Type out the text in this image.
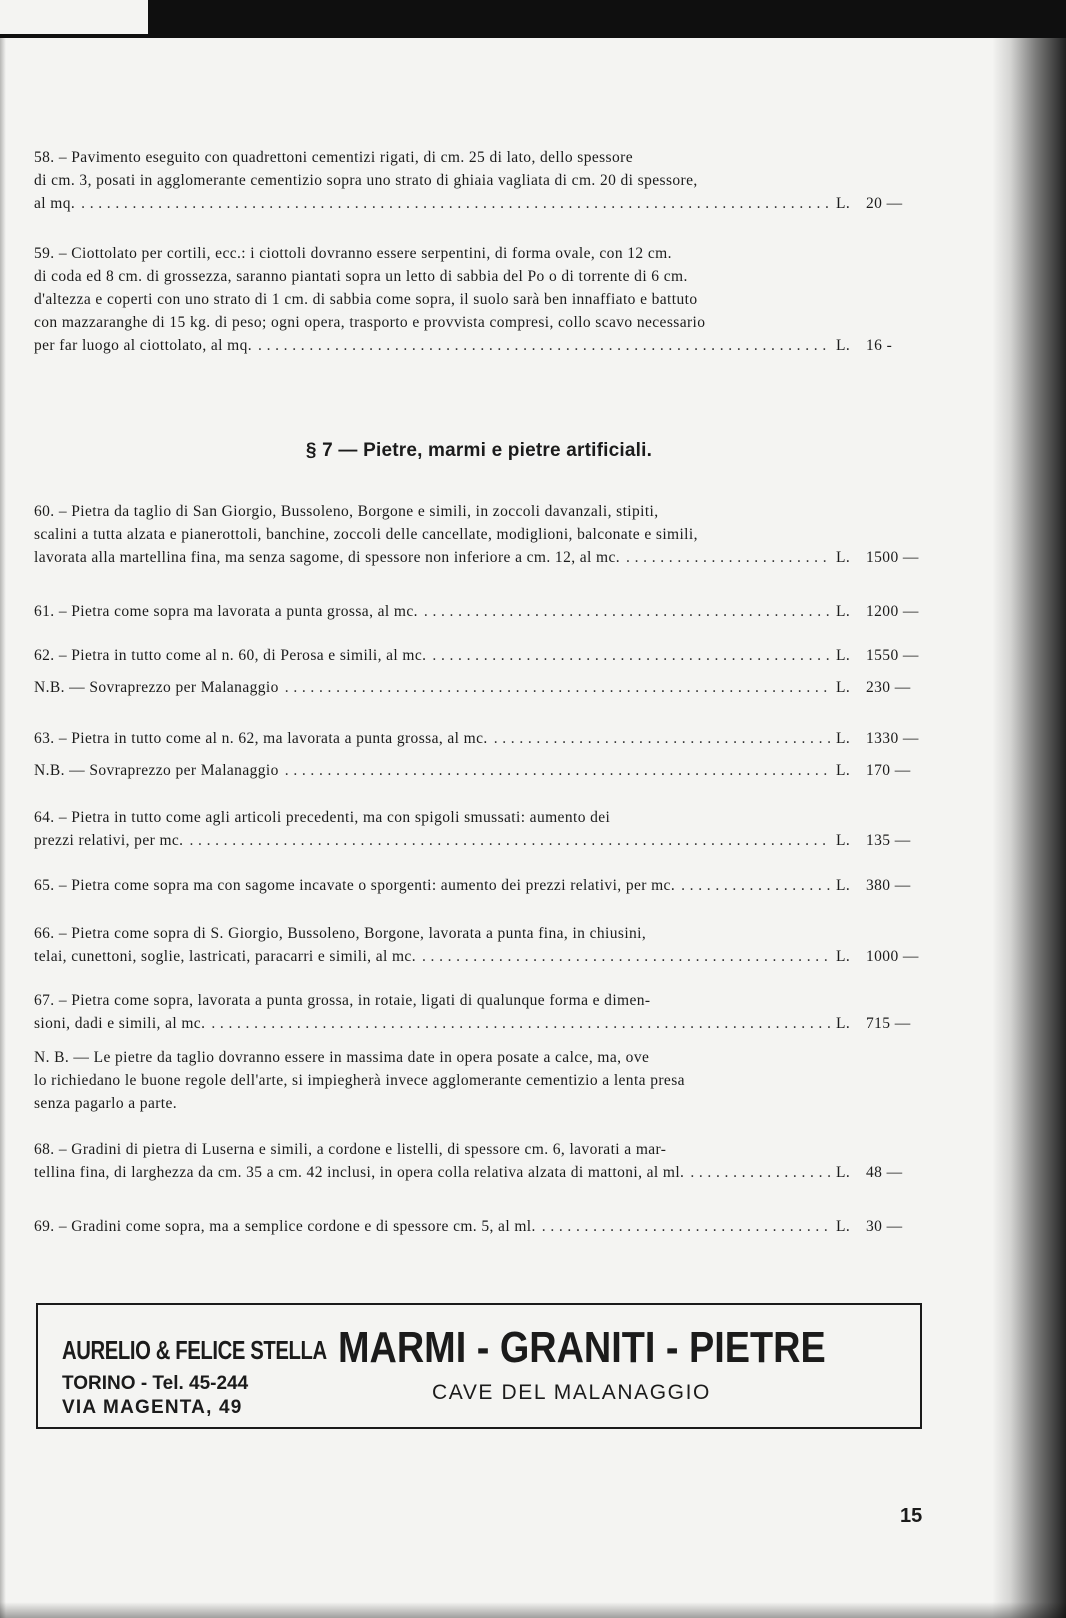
58. – Pavimento eseguito con quadrettoni cementizi rigati, di cm. 25 di lato, dello spessore
di cm. 3, posati in agglomerante cementizio sopra uno strato di ghiaia vagliata di cm. 20 di spessore,
al mq. . . .	L.	20 —
59. – Ciottolato per cortili, ecc.: i ciottoli dovranno essere serpentini, di forma ovale, con 12 cm.
di coda ed 8 cm. di grossezza, saranno piantati sopra un letto di sabbia del Po o di torrente di 6 cm.
d'altezza e coperti con uno strato di 1 cm. di sabbia come sopra, il suolo sarà ben innaffiato e battuto
con mazzaranghe di 15 kg. di peso; ogni opera, trasporto e provvista compresi, collo scavo necessario
per far luogo al ciottolato, al mq. . . .	L.	16 -
§ 7 — Pietre, marmi e pietre artificiali.
60. – Pietra da taglio di San Giorgio, Bussoleno, Borgone e simili, in zoccoli davanzali, stipiti,
scalini a tutta alzata e pianerottoli, banchine, zoccoli delle cancellate, modiglioni, balconate e simili,
lavorata alla martellina fina, ma senza sagome, di spessore non inferiore a cm. 12, al mc. . . .	L.	1500 —
61. – Pietra come sopra ma lavorata a punta grossa, al mc. . . .	L.	1200 —
62. – Pietra in tutto come al n. 60, di Perosa e simili, al mc. . . .	L.	1550 —
N.B. — Sovraprezzo per Malanaggio . . .	L.	230 —
63. – Pietra in tutto come al n. 62, ma lavorata a punta grossa, al mc. . . .	L.	1330 —
N.B. — Sovraprezzo per Malanaggio . . .	L.	170 —
64. – Pietra in tutto come agli articoli precedenti, ma con spigoli smussati: aumento dei
prezzi relativi, per mc. . . .	L.	135 —
65. – Pietra come sopra ma con sagome incavate o sporgenti: aumento dei prezzi relativi, per mc. . . .	L.	380 —
66. – Pietra come sopra di S. Giorgio, Bussoleno, Borgone, lavorata a punta fina, in chiusini,
telai, cunettoni, soglie, lastricati, paracarri e simili, al mc. . . .	L.	1000 —
67. – Pietra come sopra, lavorata a punta grossa, in rotaie, ligati di qualunque forma e dimen-
sioni, dadi e simili, al mc. . . .	L.	715 —
N. B. — Le pietre da taglio dovranno essere in massima date in opera posate a calce, ma, ove
lo richiedano le buone regole dell'arte, si impiegherà invece agglomerante cementizio a lenta presa
senza pagarlo a parte.
68. – Gradini di pietra di Luserna e simili, a cordone e listelli, di spessore cm. 6, lavorati a mar-
tellina fina, di larghezza da cm. 35 a cm. 42 inclusi, in opera colla relativa alzata di mattoni, al ml. . . .	L.	48 —
69. – Gradini come sopra, ma a semplice cordone e di spessore cm. 5, al ml. . . .	L.	30 —
AURELIO & FELICE STELLA
TORINO - Tel. 45-244
VIA MAGENTA, 49
MARMI - GRANITI - PIETRE
CAVE DEL MALANAGGIO
15
